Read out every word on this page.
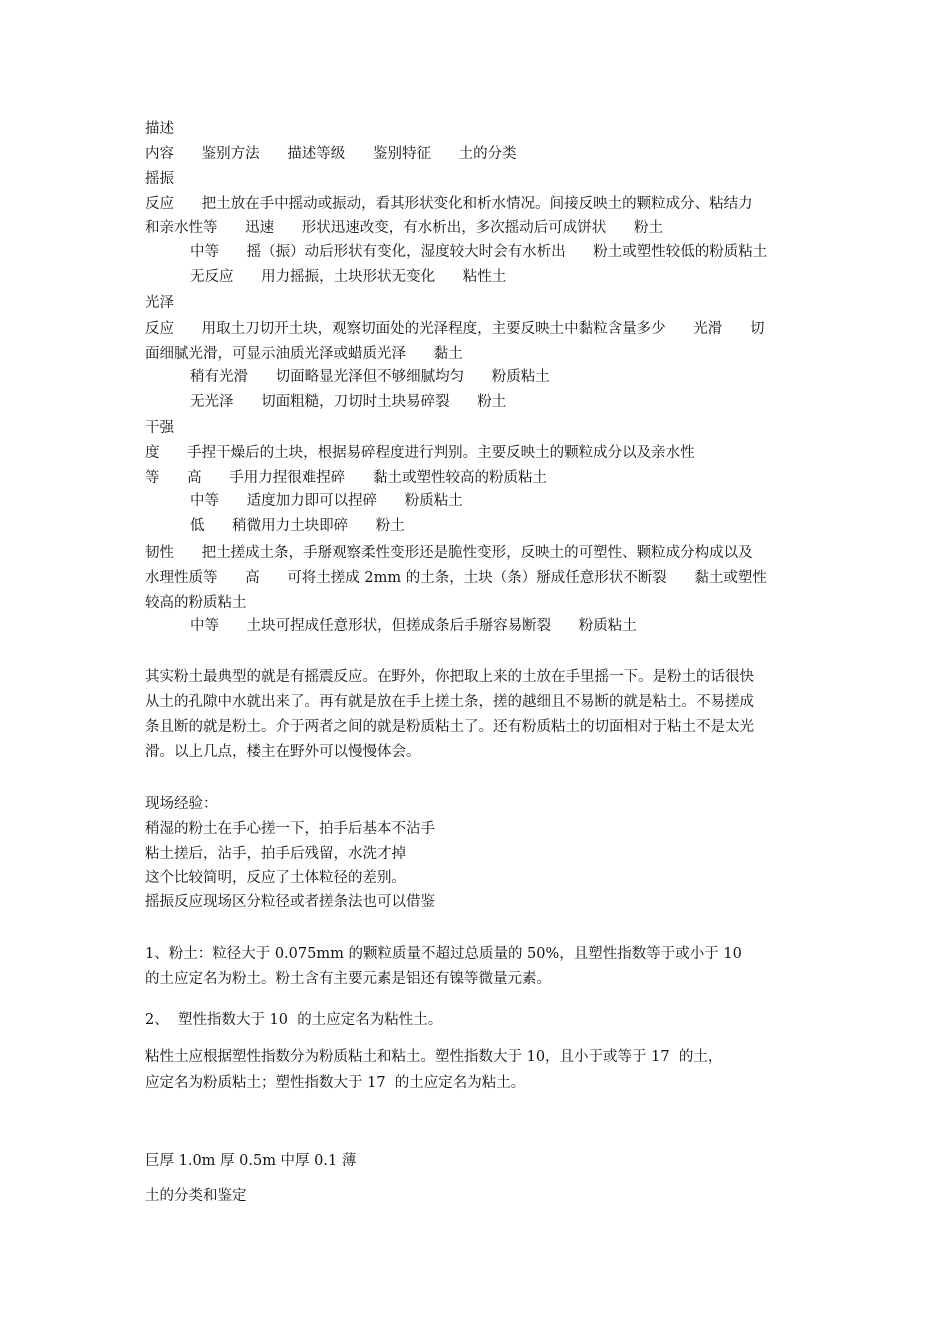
描述

内容      鉴别方法      描述等级      鉴别特征      土的分类

摇振

反应      把土放在手中摇动或振动，看其形状变化和析水情况。间接反映土的颗粒成分、粘结力

和亲水性等      迅速      形状迅速改变，有水析出，多次摇动后可成饼状      粉土

中等      摇（振）动后形状有变化，湿度较大时会有水析出      粉土或塑性较低的粉质粘土

无反应      用力摇振，土块形状无变化      粘性土

光泽

反应      用取土刀切开土块，观察切面处的光泽程度，主要反映土中黏粒含量多少      光滑      切

面细腻光滑，可显示油质光泽或蜡质光泽      黏土

稍有光滑      切面略显光泽但不够细腻均匀      粉质粘土

无光泽      切面粗糙，刀切时土块易碎裂      粉土

干强

度      手捏干燥后的土块，根据易碎程度进行判别。主要反映土的颗粒成分以及亲水性

等      高      手用力捏很难捏碎      黏土或塑性较高的粉质粘土

中等      适度加力即可以捏碎      粉质粘土

低      稍微用力土块即碎      粉土

韧性      把土搓成土条，手掰观察柔性变形还是脆性变形，反映土的可塑性、颗粒成分构成以及

水理性质等      高      可将土搓成 2mm 的土条，土块（条）掰成任意形状不断裂      黏土或塑性

较高的粉质粘土

中等      土块可捏成任意形状，但搓成条后手掰容易断裂      粉质粘土

其实粉土最典型的就是有摇震反应。在野外，你把取上来的土放在手里摇一下。是粉土的话很快

从土的孔隙中水就出来了。再有就是放在手上搓土条，搓的越细且不易断的就是粘土。不易搓成

条且断的就是粉土。介于两者之间的就是粉质粘土了。还有粉质粘土的切面相对于粘土不是太光

滑。以上几点，楼主在野外可以慢慢体会。

现场经验：

稍湿的粉土在手心搓一下，拍手后基本不沾手

粘土搓后，沾手，拍手后残留，水洗才掉

这个比较简明，反应了土体粒径的差别。

摇振反应现场区分粒径或者搓条法也可以借鉴

1、粉土：粒径大于 0.075mm 的颗粒质量不超过总质量的 50%，且塑性指数等于或小于 10

的土应定名为粉土。粉土含有主要元素是铝还有镍等微量元素。

2、  塑性指数大于 10  的土应定名为粘性土。

粘性土应根据塑性指数分为粉质粘土和粘土。塑性指数大于 10，且小于或等于 17  的土，

应定名为粉质粘土；塑性指数大于 17  的土应定名为粘土。

巨厚 1.0m 厚 0.5m 中厚 0.1 薄

土的分类和鉴定
